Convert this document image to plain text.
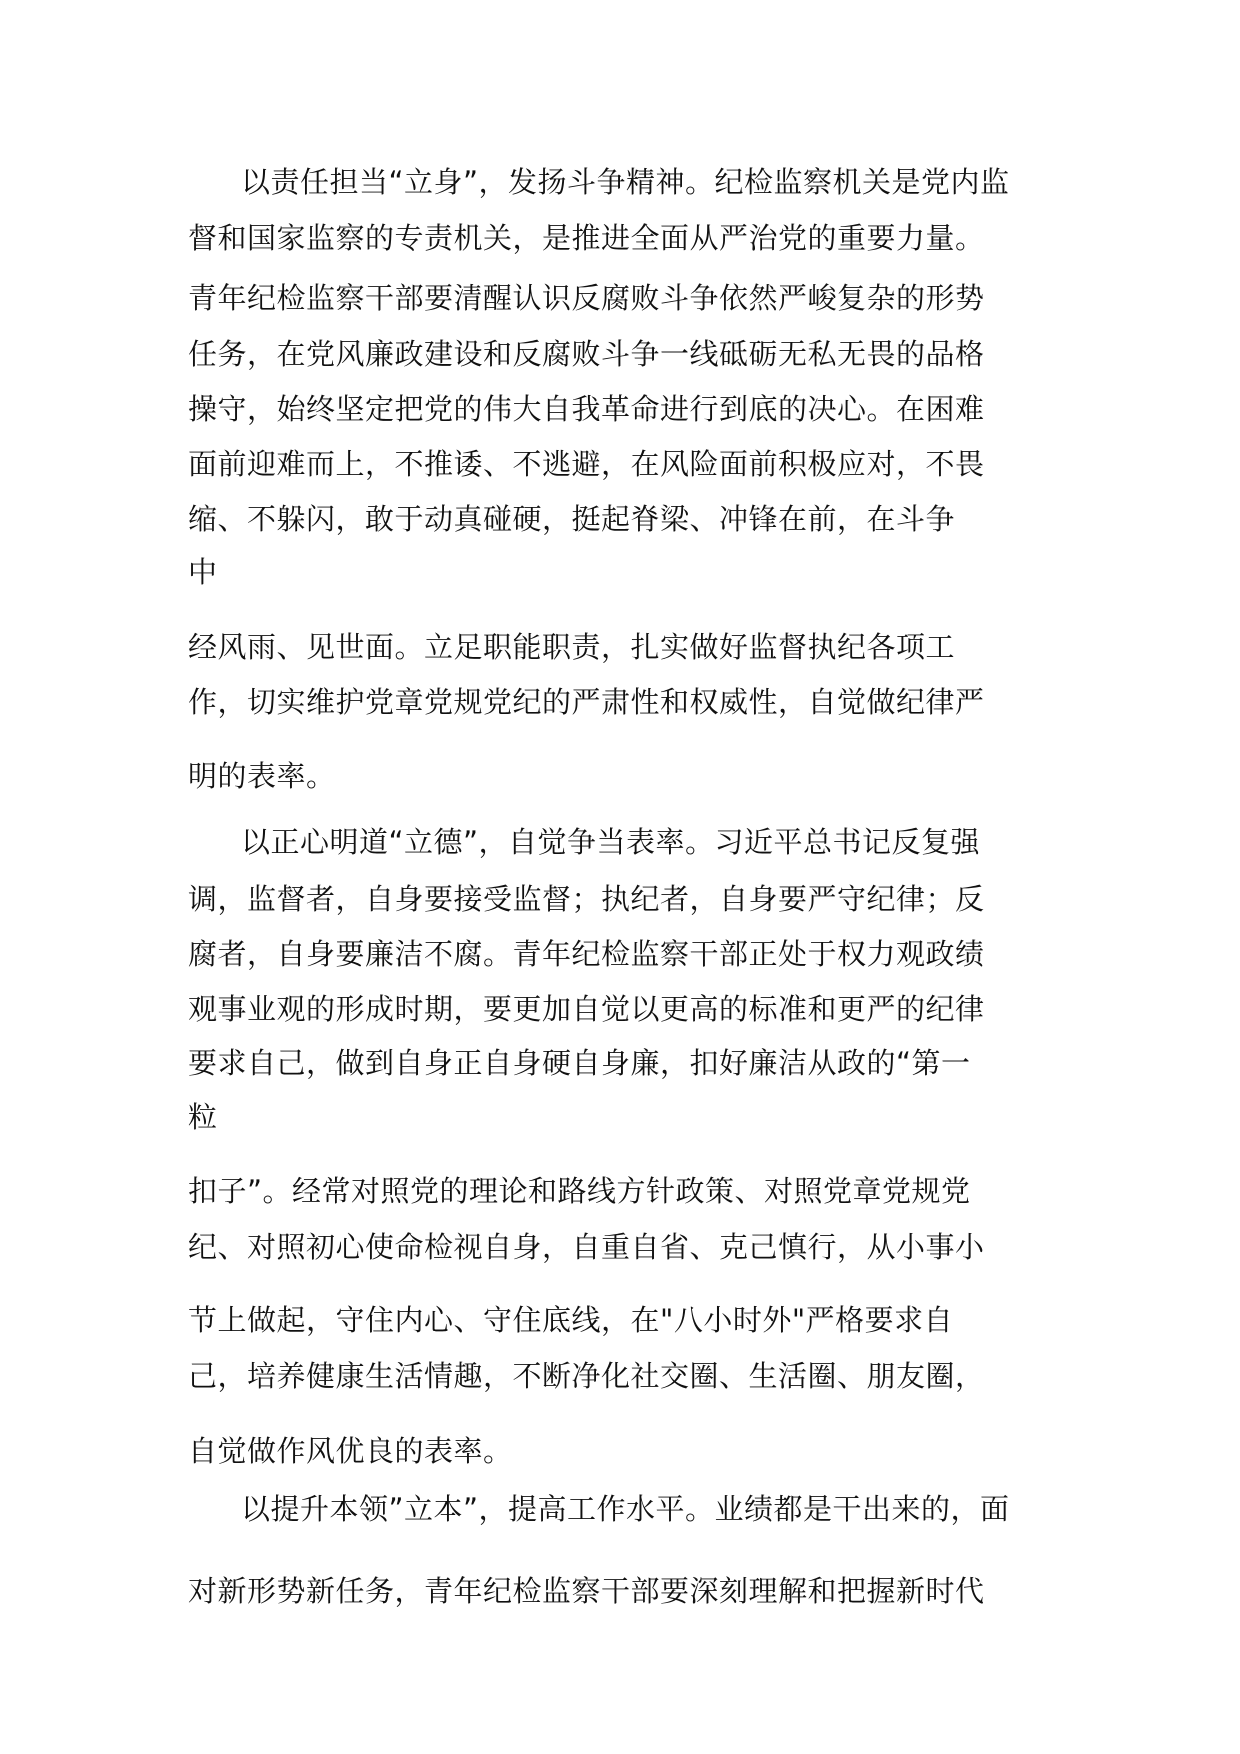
以责任担当“立身”，发扬斗争精神。纪检监察机关是党内监
督和国家监察的专责机关，是推进全面从严治党的重要力量。
青年纪检监察干部要清醒认识反腐败斗争依然严峻复杂的形势
任务，在党风廉政建设和反腐败斗争一线砥砺无私无畏的品格
操守，始终坚定把党的伟大自我革命进行到底的决心。在困难
面前迎难而上，不推诿、不逃避，在风险面前积极应对，不畏
缩、不躲闪，敢于动真碰硬，挺起脊梁、冲锋在前，在斗争
中
经风雨、见世面。立足职能职责，扎实做好监督执纪各项工
作，切实维护党章党规党纪的严肃性和权威性，自觉做纪律严
明的表率。
以正心明道“立德”，自觉争当表率。习近平总书记反复强
调，监督者，自身要接受监督；执纪者，自身要严守纪律；反
腐者，自身要廉洁不腐。青年纪检监察干部正处于权力观政绩
观事业观的形成时期，要更加自觉以更高的标准和更严的纪律
要求自己，做到自身正自身硬自身廉，扣好廉洁从政的“第一
粒
扣子”。经常对照党的理论和路线方针政策、对照党章党规党
纪、对照初心使命检视自身，自重自省、克己慎行，从小事小
节上做起，守住内心、守住底线，在"八小时外"严格要求自
己，培养健康生活情趣，不断净化社交圈、生活圈、朋友圈，
自觉做作风优良的表率。
以提升本领”立本”，提高工作水平。业绩都是干出来的，面
对新形势新任务，青年纪检监察干部要深刻理解和把握新时代
